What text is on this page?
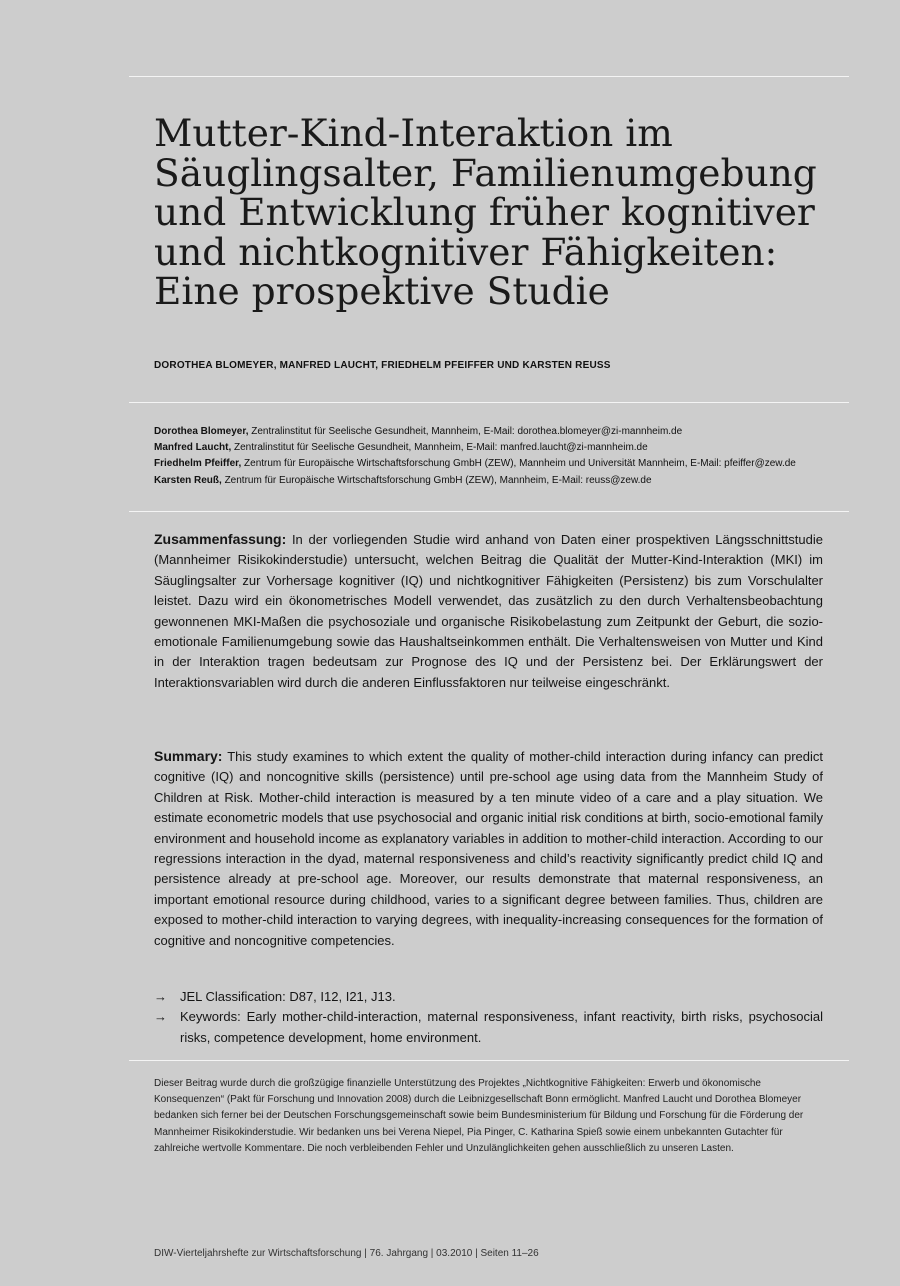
Mutter-Kind-Interaktion im
Säuglingsalter, Familienumgebung
und Entwicklung früher kognitiver
und nichtkognitiver Fähigkeiten:
Eine prospektive Studie
DOROTHEA BLOMEYER, MANFRED LAUCHT, FRIEDHELM PFEIFFER UND KARSTEN REUSS
Dorothea Blomeyer, Zentralinstitut für Seelische Gesundheit, Mannheim, E-Mail: dorothea.blomeyer@zi-mannheim.de
Manfred Laucht, Zentralinstitut für Seelische Gesundheit, Mannheim, E-Mail: manfred.laucht@zi-mannheim.de
Friedhelm Pfeiffer, Zentrum für Europäische Wirtschaftsforschung GmbH (ZEW), Mannheim und Universität Mannheim, E-Mail: pfeiffer@zew.de
Karsten Reuß, Zentrum für Europäische Wirtschaftsforschung GmbH (ZEW), Mannheim, E-Mail: reuss@zew.de

Zusammenfassung: In der vorliegenden Studie wird anhand von Daten einer prospektiven Längsschnittstudie (Mannheimer Risikokinderstudie) untersucht, welchen Beitrag die Qualität der Mutter-Kind-Interaktion (MKI) im Säuglingsalter zur Vorhersage kognitiver (IQ) und nichtkognitiver Fähigkeiten (Persistenz) bis zum Vorschulalter leistet. Dazu wird ein ökonometrisches Modell verwendet, das zusätzlich zu den durch Verhaltensbeobachtung gewonnenen MKI-Maßen die psychosoziale und organische Risikobelastung zum Zeitpunkt der Geburt, die sozio-emotionale Familienumgebung sowie das Haushaltseinkommen enthält. Die Verhaltensweisen von Mutter und Kind in der Interaktion tragen bedeutsam zur Prognose des IQ und der Persistenz bei. Der Erklärungswert der Interaktionsvariablen wird durch die anderen Einflussfaktoren nur teilweise eingeschränkt.

Summary: This study examines to which extent the quality of mother-child interaction during infancy can predict cognitive (IQ) and noncognitive skills (persistence) until pre-school age using data from the Mannheim Study of Children at Risk. Mother-child interaction is measured by a ten minute video of a care and a play situation. We estimate econometric models that use psychosocial and organic initial risk conditions at birth, socio-emotional family environment and household income as explanatory variables in addition to mother-child interaction. According to our regressions interaction in the dyad, maternal responsiveness and child’s reactivity significantly predict child IQ and persistence already at pre-school age. Moreover, our results demonstrate that maternal responsiveness, an important emotional resource during childhood, varies to a significant degree between families. Thus, children are exposed to mother-child interaction to varying degrees, with inequality-increasing consequences for the formation of cognitive and noncognitive competencies.

→	JEL Classification: D87, I12, I21, J13.
→	Keywords: Early mother-child-interaction, maternal responsiveness, infant reactivity, birth risks, psychosocial risks, competence development, home environment.
Dieser Beitrag wurde durch die großzügige finanzielle Unterstützung des Projektes „Nichtkognitive Fähigkeiten: Erwerb und ökonomische Konsequenzen“ (Pakt für Forschung und Innovation 2008) durch die Leibnizgesellschaft Bonn ermöglicht. Manfred Laucht und Dorothea Blomeyer bedanken sich ferner bei der Deutschen Forschungsgemeinschaft sowie beim Bundesministerium für Bildung und Forschung für die Förderung der Mannheimer Risikokinderstudie. Wir bedanken uns bei Verena Niepel, Pia Pinger, C. Katharina Spieß sowie einem unbekannten Gutachter für zahlreiche wertvolle Kommentare. Die noch verbleibenden Fehler und Unzulänglichkeiten gehen ausschließlich zu unseren Lasten.
DIW-Vierteljahrshefte zur Wirtschaftsforschung | 76. Jahrgang | 03.2010 | Seiten 11–26
